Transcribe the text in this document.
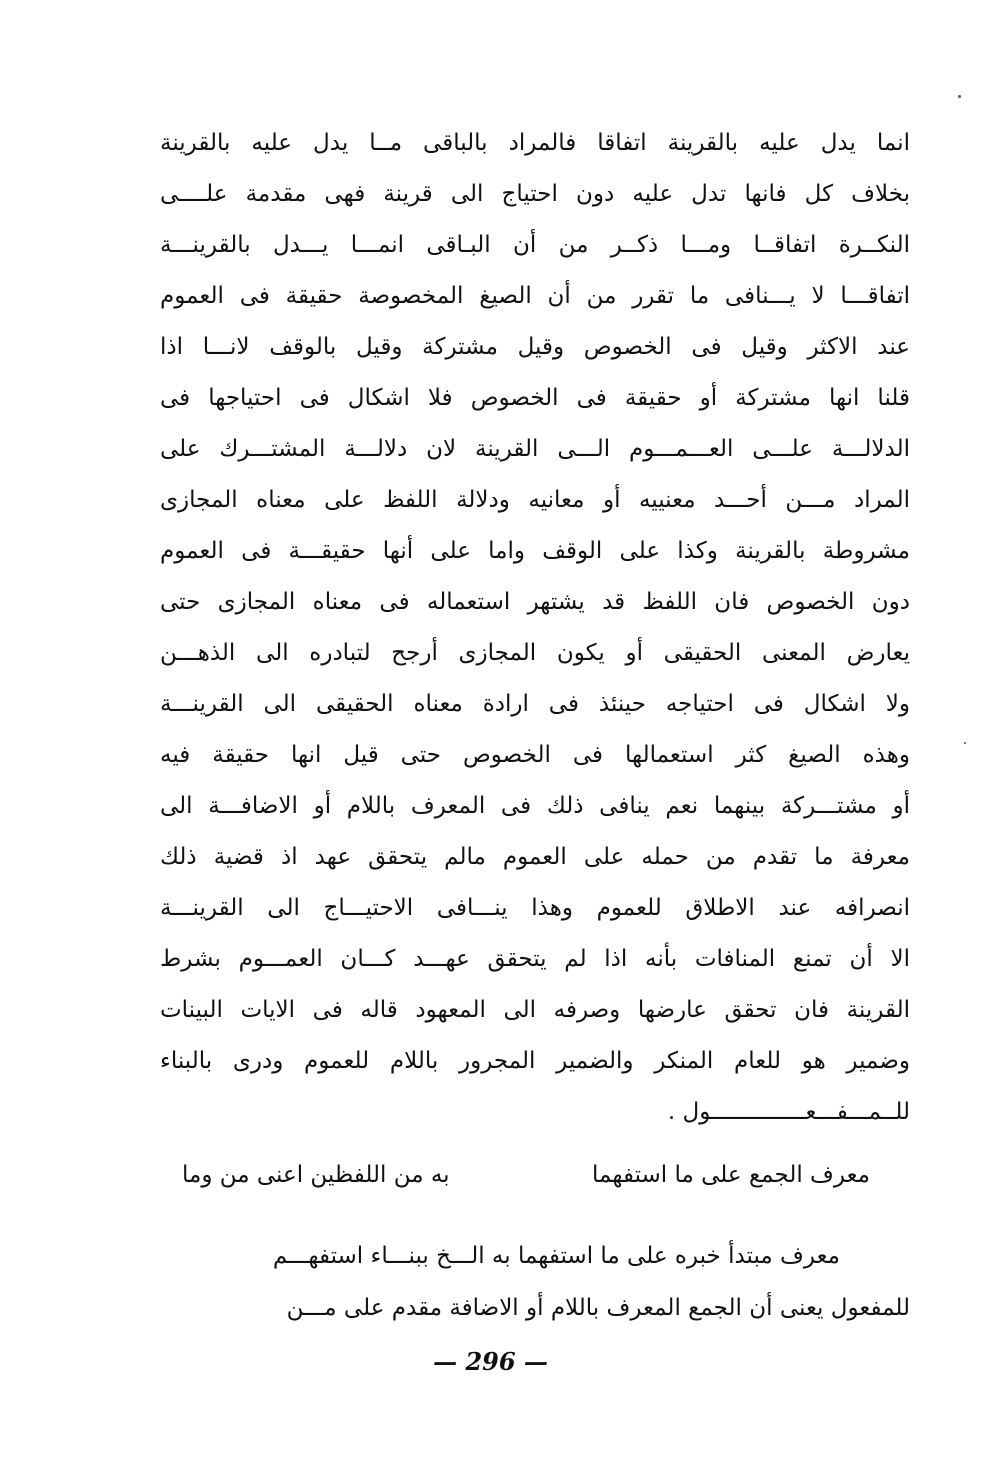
انما يدل عليه بالقرينة اتفاقا فالمراد بالباقى مــا يدل عليه بالقرينة
بخلاف كل فانها تدل عليه دون احتياج الى قرينة فهى مقدمة علــــى
النكــرة اتفاقــا ومـــا ذكــر من أن البـاقى انمـــا يـــدل بالقرينـــة
اتفاقـــا لا يـــنافى ما تقرر من أن الصيغ المخصوصة حقيقة فى العموم
عند الاكثر وقيل فى الخصوص وقيل مشتركة وقيل بالوقف لانـــا اذا
قلنا انها مشتركة أو حقيقة فى الخصوص فلا اشكال فى احتياجها فى
الدلالـــة علـــى العـــمـــوم الـــى القرينة لان دلالـــة المشتـــرك على
المراد مـــن أحـــد معنييه أو معانيه ودلالة اللفظ على معناه المجازى
مشروطة بالقرينة وكذا على الوقف واما على أنها حقيقـــة فى العموم
دون الخصوص فان اللفظ قد يشتهر استعماله فى معناه المجازى حتى
يعارض المعنى الحقيقى أو يكون المجازى أرجح لتبادره الى الذهـــن
ولا اشكال فى احتياجه حينئذ فى ارادة معناه الحقيقى الى القرينـــة
وهذه الصيغ كثر استعمالها فى الخصوص حتى قيل انها حقيقة فيه
أو مشتـــركة بينهما نعم ينافى ذلك فى المعرف باللام أو الاضافـــة الى
معرفة ما تقدم من حمله على العموم مالم يتحقق عهد اذ قضية ذلك
انصرافه عند الاطلاق للعموم وهذا ينـــافى الاحتيـــاج الى القرينـــة
الا أن تمنع المنافات بأنه اذا لم يتحقق عهـــد كـــان العمـــوم بشرط
القرينة فان تحقق عارضها وصرفه الى المعهود قاله فى الايات البينات
وضمير هو للعام المنكر والضمير المجرور باللام للعموم ودرى بالبناء
للــمـــفـــعــــــــــــــول .
معرف الجمع على ما استفهما
به من اللفظين اعنى من وما
معرف مبتدأ خبره على ما استفهما به الـــخ ببنـــاء استفهـــم
للمفعول يعنى أن الجمع المعرف باللام أو الاضافة مقدم على مـــن
— 296 —
